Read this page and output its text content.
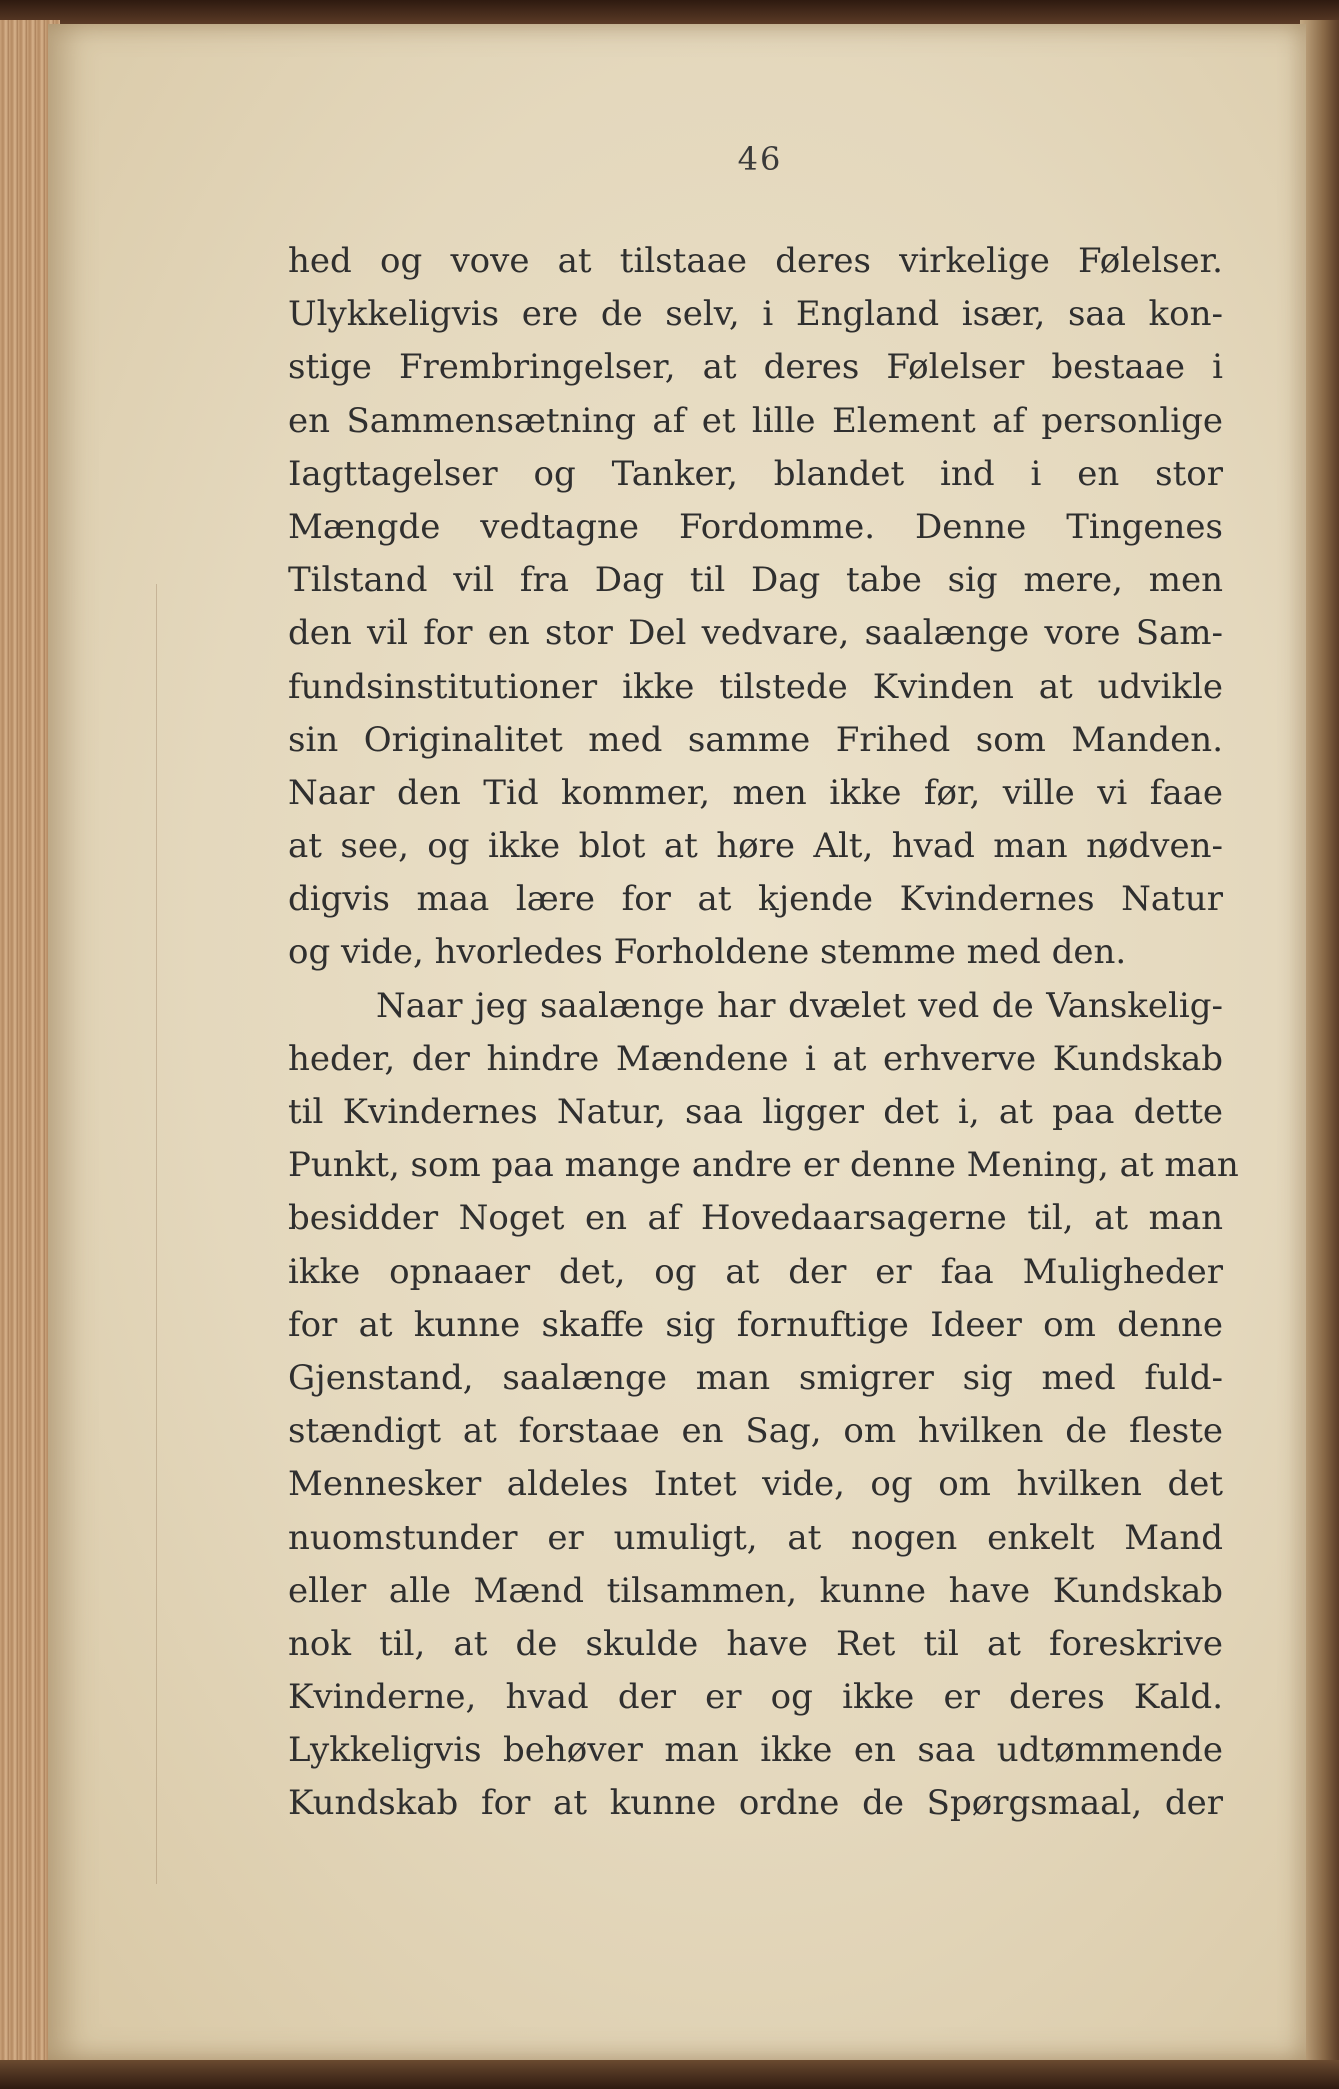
46
hed og vove at tilstaae deres virkelige Følelser.
Ulykkeligvis ere de selv, i England især, saa kon-
stige Frembringelser, at deres Følelser bestaae i
en Sammensætning af et lille Element af personlige
Iagttagelser og Tanker, blandet ind i en stor
Mængde vedtagne Fordomme. Denne Tingenes
Tilstand vil fra Dag til Dag tabe sig mere, men
den vil for en stor Del vedvare, saalænge vore Sam-
fundsinstitutioner ikke tilstede Kvinden at udvikle
sin Originalitet med samme Frihed som Manden.
Naar den Tid kommer, men ikke før, ville vi faae
at see, og ikke blot at høre Alt, hvad man nødven-
digvis maa lære for at kjende Kvindernes Natur
og vide, hvorledes Forholdene stemme med den.
Naar jeg saalænge har dvælet ved de Vanskelig-
heder, der hindre Mændene i at erhverve Kundskab
til Kvindernes Natur, saa ligger det i, at paa dette
Punkt, som paa mange andre er denne Mening, at man
besidder Noget en af Hovedaarsagerne til, at man
ikke opnaaer det, og at der er faa Muligheder
for at kunne skaffe sig fornuftige Ideer om denne
Gjenstand, saalænge man smigrer sig med fuld-
stændigt at forstaae en Sag, om hvilken de fleste
Mennesker aldeles Intet vide, og om hvilken det
nuomstunder er umuligt, at nogen enkelt Mand
eller alle Mænd tilsammen, kunne have Kundskab
nok til, at de skulde have Ret til at foreskrive
Kvinderne, hvad der er og ikke er deres Kald.
Lykkeligvis behøver man ikke en saa udtømmende
Kundskab for at kunne ordne de Spørgsmaal, der
